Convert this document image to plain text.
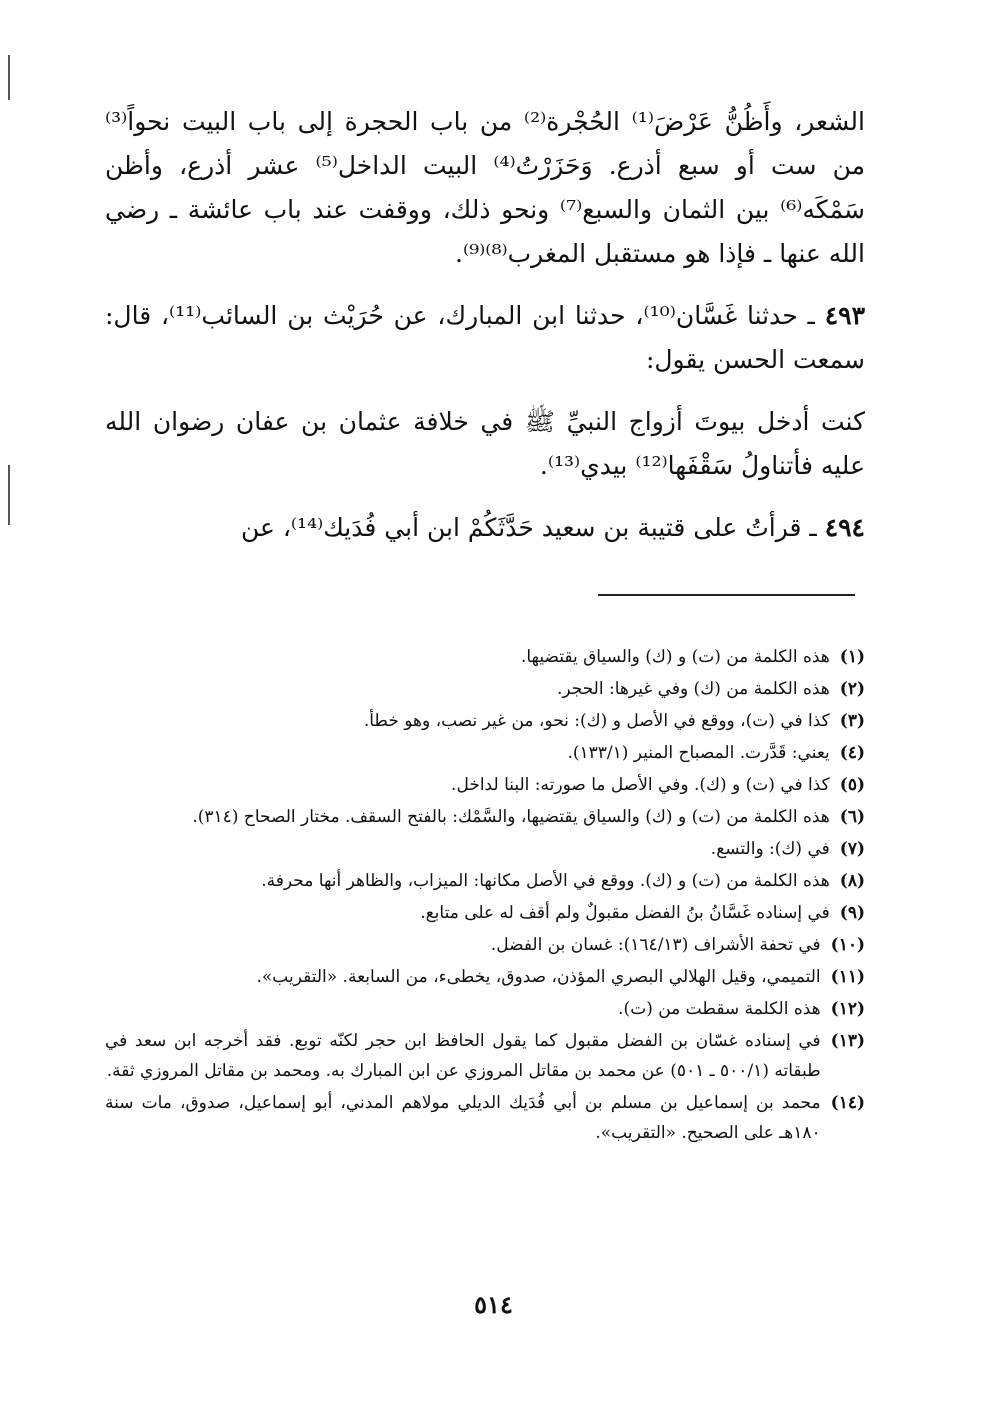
الشعر، وأَظُنُّ عَرْضَ⁽¹⁾ الحُجْرة⁽²⁾ من باب الحجرة إلى باب البيت نحواً⁽³⁾ من ست أو سبع أذرع. وَحَزَرْتُ⁽⁴⁾ البيت الداخل⁽⁵⁾ عشر أذرع، وأظن سَمْكَه⁽⁶⁾ بين الثمان والسبع⁽⁷⁾ ونحو ذلك، ووقفت عند باب عائشة ـ رضي الله عنها ـ فإذا هو مستقبل المغرب⁽⁸⁾⁽⁹⁾.

٤٩٣ ـ حدثنا غَسَّان⁽¹⁰⁾، حدثنا ابن المبارك، عن حُرَيْث بن السائب⁽¹¹⁾، قال: سمعت الحسن يقول:

كنت أدخل بيوتَ أزواج النبيِّ ﷺ في خلافة عثمان بن عفان رضوان الله عليه فأتناولُ سَقْفَها⁽¹²⁾ بيدي⁽¹³⁾.

٤٩٤ ـ قرأتُ على قتيبة بن سعيد حَدَّثَكُمْ ابن أبي فُدَيك⁽¹⁴⁾، عن

(١)
هذه الكلمة من (ت) و (ك) والسياق يقتضيها.
(٢)
هذه الكلمة من (ك) وفي غيرها: الحجر.
(٣)
كذا في (ت)، ووقع في الأصل و (ك): نحو، من غير نصب، وهو خطأ.
(٤)
يعني: قَدَّرت. المصباح المنير (١٣٣/١).
(٥)
كذا في (ت) و (ك). وفي الأصل ما صورته: البنا لداخل.
(٦)
هذه الكلمة من (ت) و (ك) والسياق يقتضيها، والسَّمْك: بالفتح السقف. مختار الصحاح (٣١٤).
(٧)
في (ك): والتسع.
(٨)
هذه الكلمة من (ت) و (ك). ووقع في الأصل مكانها: الميزاب، والظاهر أنها محرفة.
(٩)
في إسناده غَسَّانُ بنُ الفضل مقبولٌ ولم أقف له على متابع.
(١٠)
في تحفة الأشراف (١٦٤/١٣): غسان بن الفضل.
(١١)
التميمي، وقيل الهلالي البصري المؤذن، صدوق، يخطىء، من السابعة. «التقريب».
(١٢)
هذه الكلمة سقطت من (ت).
(١٣)
في إسناده غسّان بن الفضل مقبول كما يقول الحافظ ابن حجر لكنّه توبع. فقد أخرجه ابن سعد في طبقاته (٥٠٠/١ ـ ٥٠١) عن محمد بن مقاتل المروزي عن ابن المبارك به. ومحمد بن مقاتل المروزي ثقة.
(١٤)
محمد بن إسماعيل بن مسلم بن أبي فُدَيك الديلي مولاهم المدني، أبو إسماعيل، صدوق، مات سنة ١٨٠هـ على الصحيح. «التقريب».
٥١٤
